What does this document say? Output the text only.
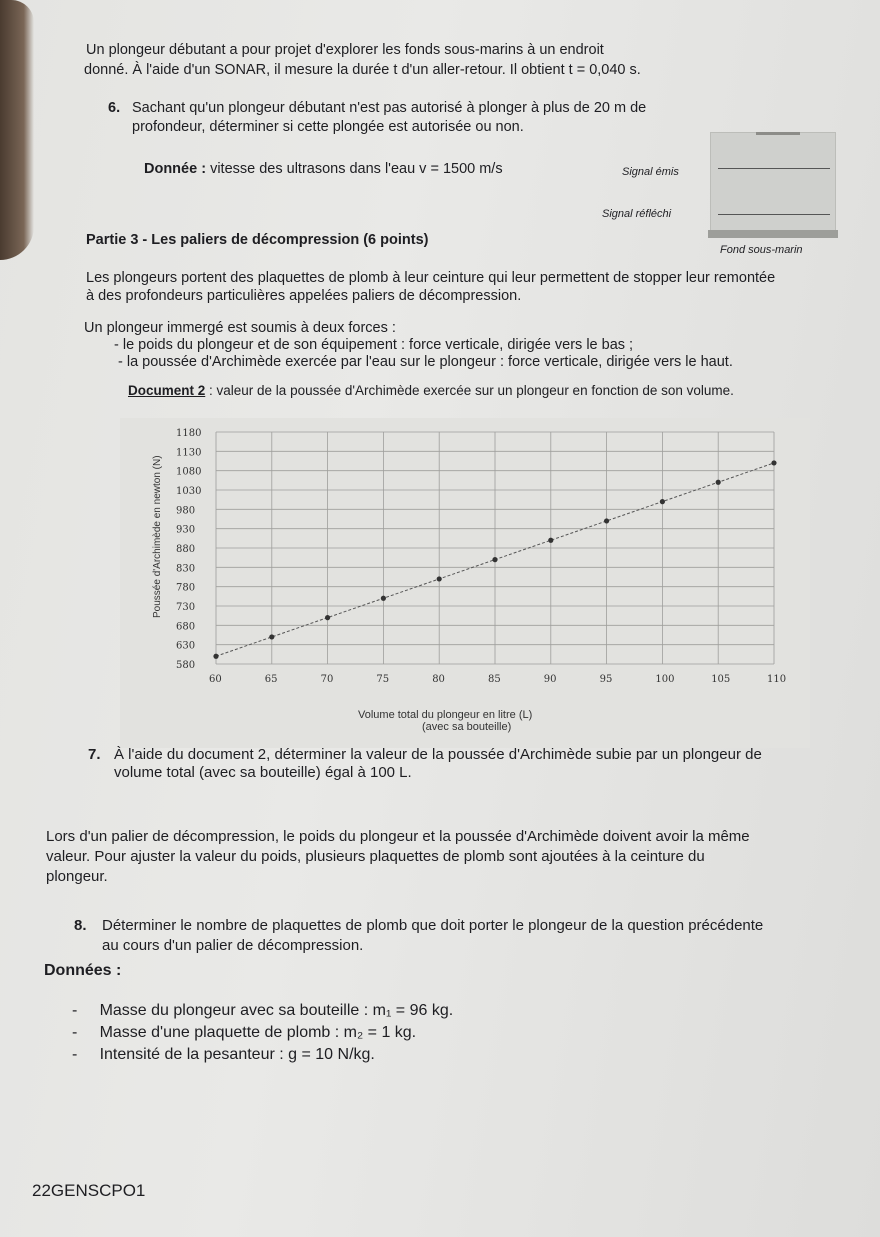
Un plongeur débutant a pour projet d'explorer les fonds sous-marins à un endroit

donné. À l'aide d'un SONAR, il mesure la durée t d'un aller-retour. Il obtient t = 0,040 s.

6. Sachant qu'un plongeur débutant n'est pas autorisé à plonger à plus de 20 m de

profondeur, déterminer si cette plongée est autorisée ou non.

Donnée : vitesse des ultrasons dans l'eau v = 1500 m/s	Signal émis
Signal réfléchi
Fond sous-marin

Partie 3 - Les paliers de décompression (6 points)

Les plongeurs portent des plaquettes de plomb à leur ceinture qui leur permettent de stopper leur remontée

à des profondeurs particulières appelées paliers de décompression.

Un plongeur immergé est soumis à deux forces :

- le poids du plongeur et de son équipement : force verticale, dirigée vers le bas ;

- la poussée d'Archimède exercée par l'eau sur le plongeur : force verticale, dirigée vers le haut.

Document 2 : valeur de la poussée d'Archimède exercée sur un plongeur en fonction de son volume.

580
630
680
730
780
830
880
930
980
1030
1080
1130
1180
60	65	70	75	80	85	90	95	100	105	110
Poussée d'Archimède en newton (N)
Volume total du plongeur en litre (L)
(avec sa bouteille)

7. À l'aide du document 2, déterminer la valeur de la poussée d'Archimède subie par un plongeur de

volume total (avec sa bouteille) égal à 100 L.

Lors d'un palier de décompression, le poids du plongeur et la poussée d'Archimède doivent avoir la même

valeur. Pour ajuster la valeur du poids, plusieurs plaquettes de plomb sont ajoutées à la ceinture du

plongeur.

8. Déterminer le nombre de plaquettes de plomb que doit porter le plongeur de la question précédente

au cours d'un palier de décompression.

Données :

-     Masse du plongeur avec sa bouteille : m₁ = 96 kg.

-     Masse d'une plaquette de plomb : m₂ = 1 kg.

-     Intensité de la pesanteur : g = 10 N/kg.

22GENSCPO1
